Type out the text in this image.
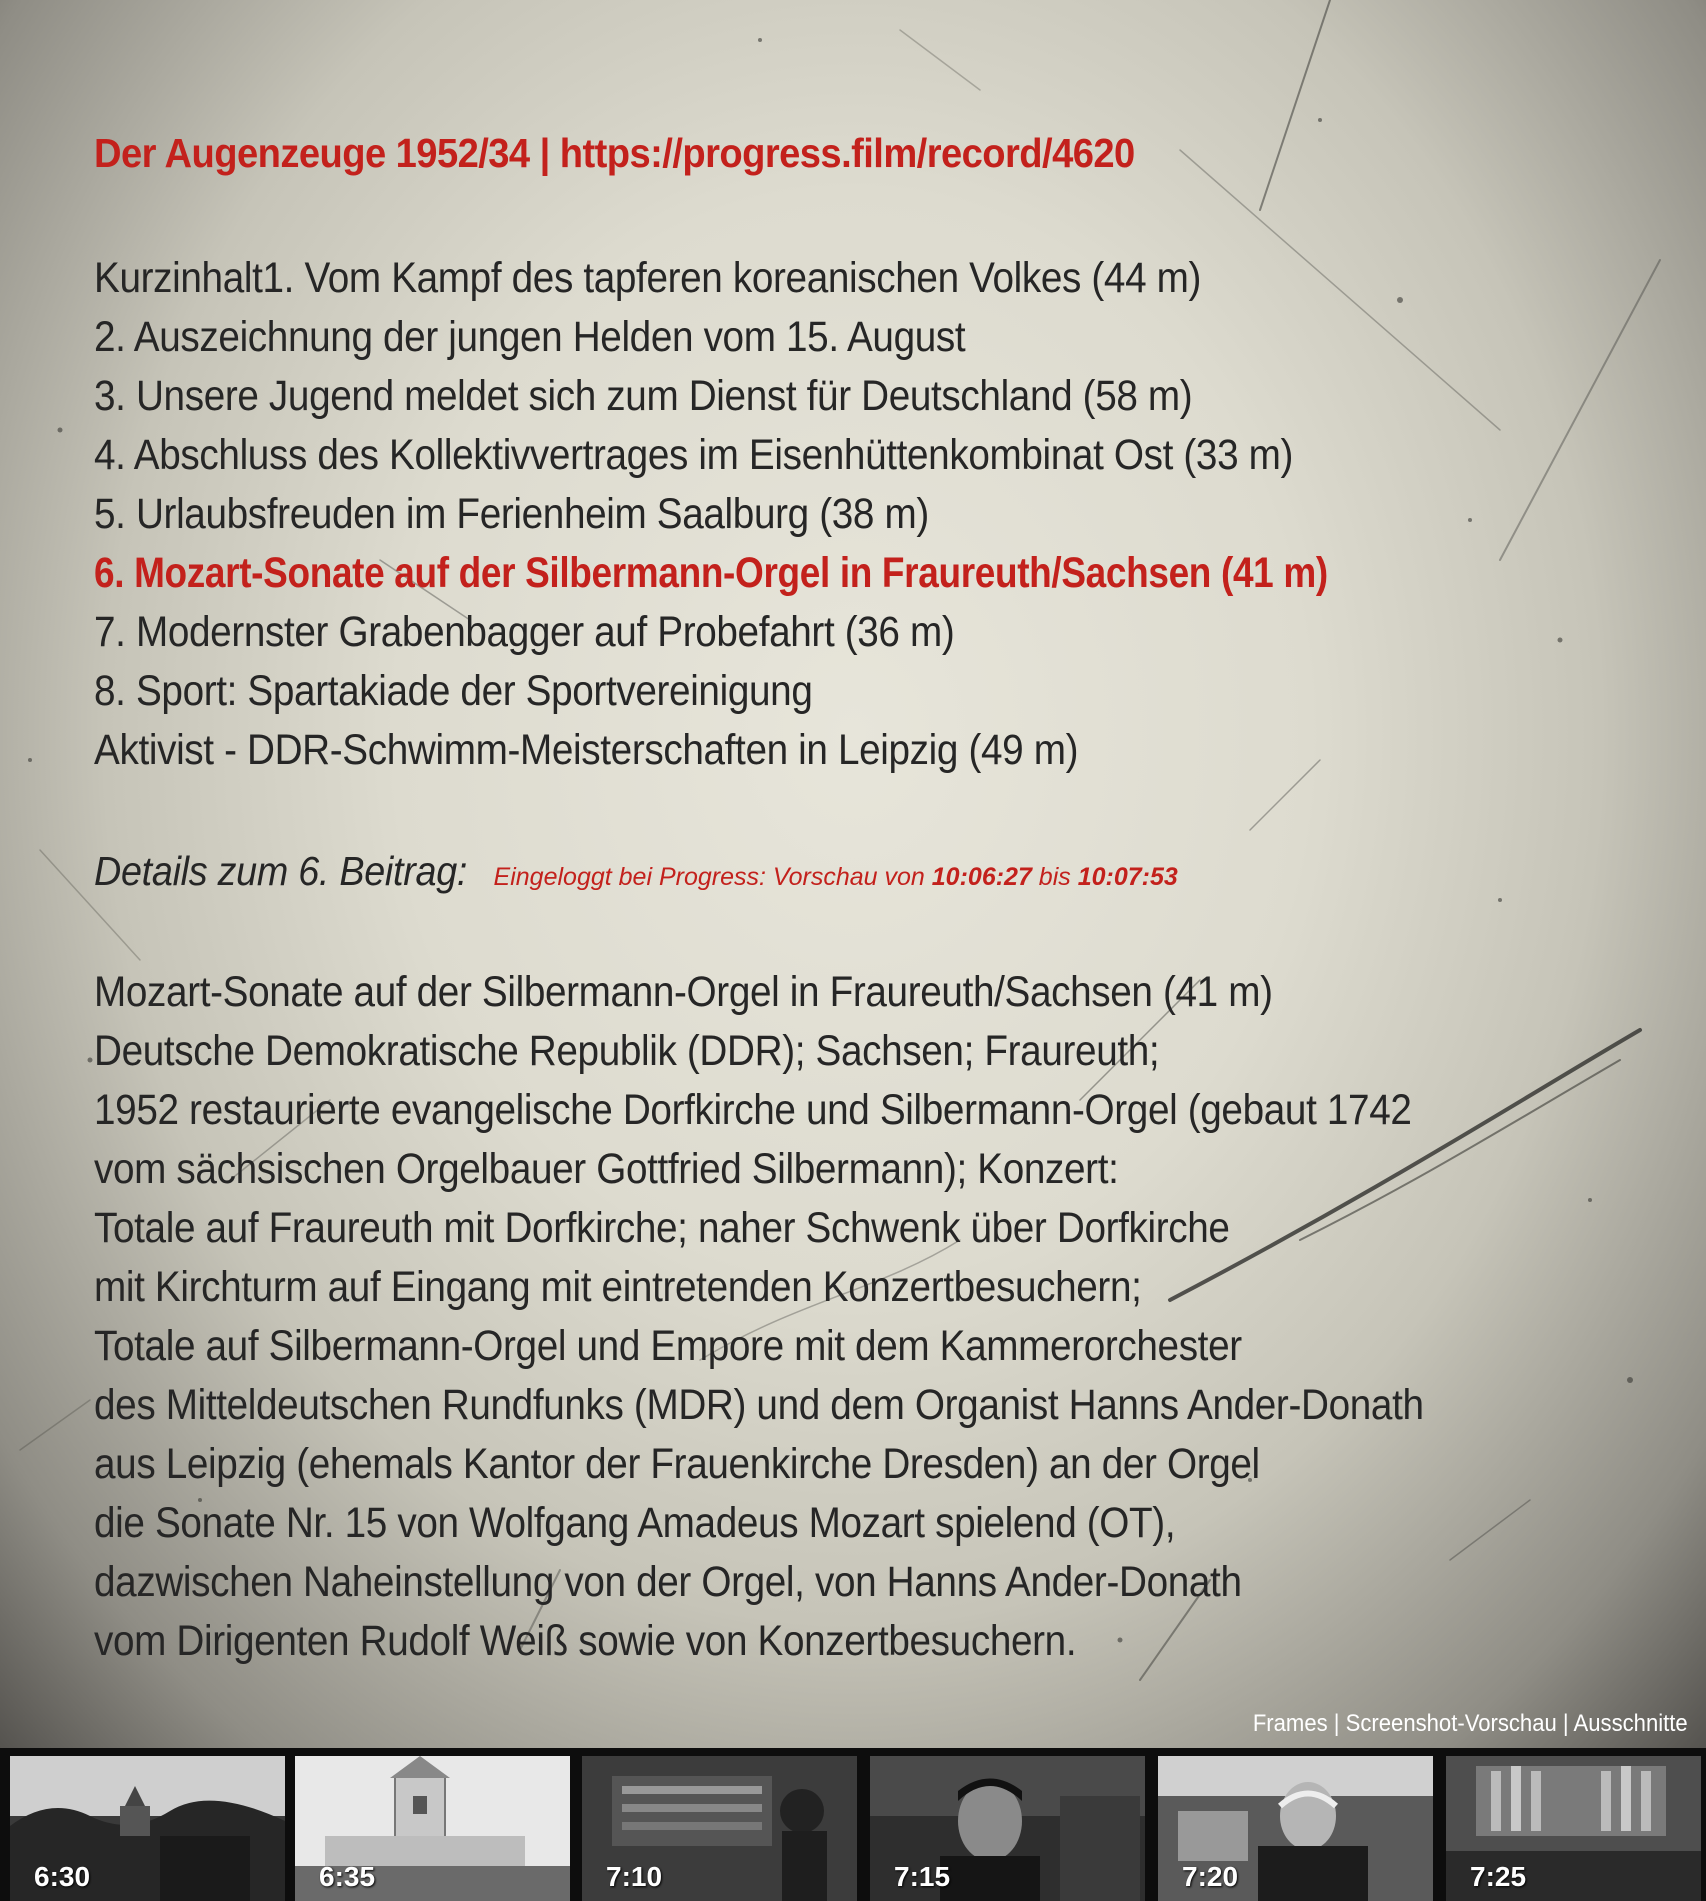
Der Augenzeuge 1952/34 | https://progress.film/record/4620
Kurzinhalt1. Vom Kampf des tapferen koreanischen Volkes (44 m)
2. Auszeichnung der jungen Helden vom 15. August
3. Unsere Jugend meldet sich zum Dienst für Deutschland (58 m)
4. Abschluss des Kollektivvertrages im Eisenhüttenkombinat Ost (33 m)
5. Urlaubsfreuden im Ferienheim Saalburg (38 m)
6. Mozart-Sonate auf der Silbermann-Orgel in Fraureuth/Sachsen (41 m)
7. Modernster Grabenbagger auf Probefahrt (36 m)
8. Sport: Spartakiade der Sportvereinigung
Aktivist - DDR-Schwimm-Meisterschaften in Leipzig (49 m)
Details zum 6. Beitrag: Eingeloggt bei Progress: Vorschau von 10:06:27 bis 10:07:53
Mozart-Sonate auf der Silbermann-Orgel in Fraureuth/Sachsen (41 m)
Deutsche Demokratische Republik (DDR); Sachsen; Fraureuth;
1952 restaurierte evangelische Dorfkirche und Silbermann-Orgel (gebaut 1742
vom sächsischen Orgelbauer Gottfried Silbermann); Konzert:
Totale auf Fraureuth mit Dorfkirche; naher Schwenk über Dorfkirche
mit Kirchturm auf Eingang mit eintretenden Konzertbesuchern;
Totale auf Silbermann-Orgel und Empore mit dem Kammerorchester
des Mitteldeutschen Rundfunks (MDR) und dem Organist Hanns Ander-Donath
aus Leipzig (ehemals Kantor der Frauenkirche Dresden) an der Orgel
die Sonate Nr. 15 von Wolfgang Amadeus Mozart spielend (OT),
dazwischen Naheinstellung von der Orgel, von Hanns Ander-Donath
vom Dirigenten Rudolf Weiß sowie von Konzertbesuchern.
Frames | Screenshot-Vorschau | Ausschnitte
6:30	6:35	7:10	7:15	7:20	7:25
